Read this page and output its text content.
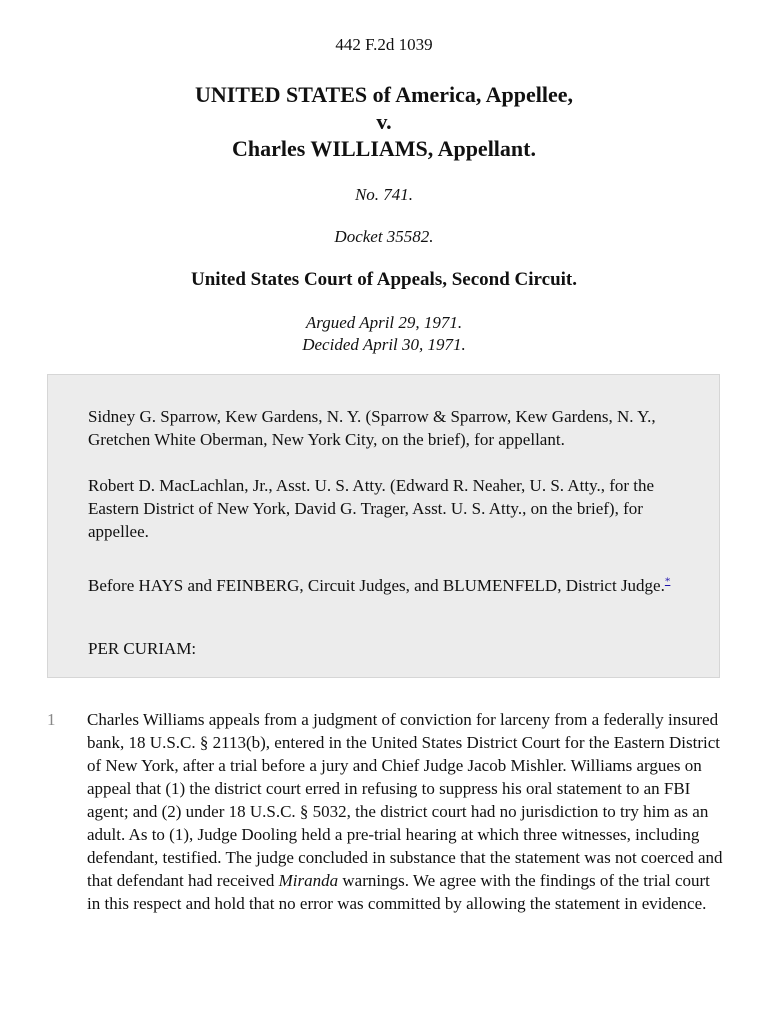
442 F.2d 1039
UNITED STATES of America, Appellee,
v.
Charles WILLIAMS, Appellant.
No. 741.
Docket 35582.
United States Court of Appeals, Second Circuit.
Argued April 29, 1971.
Decided April 30, 1971.

Sidney G. Sparrow, Kew Gardens, N. Y. (Sparrow & Sparrow, Kew Gardens, N. Y., Gretchen White Oberman, New York City, on the brief), for appellant.

Robert D. MacLachlan, Jr., Asst. U. S. Atty. (Edward R. Neaher, U. S. Atty., for the Eastern District of New York, David G. Trager, Asst. U. S. Atty., on the brief), for appellee.

Before HAYS and FEINBERG, Circuit Judges, and BLUMENFELD, District Judge.*

PER CURIAM:

1 Charles Williams appeals from a judgment of conviction for larceny from a federally insured bank, 18 U.S.C. § 2113(b), entered in the United States District Court for the Eastern District of New York, after a trial before a jury and Chief Judge Jacob Mishler. Williams argues on appeal that (1) the district court erred in refusing to suppress his oral statement to an FBI agent; and (2) under 18 U.S.C. § 5032, the district court had no jurisdiction to try him as an adult. As to (1), Judge Dooling held a pre-trial hearing at which three witnesses, including defendant, testified. The judge concluded in substance that the statement was not coerced and that defendant had received Miranda warnings. We agree with the findings of the trial court in this respect and hold that no error was committed by allowing the statement in evidence.
